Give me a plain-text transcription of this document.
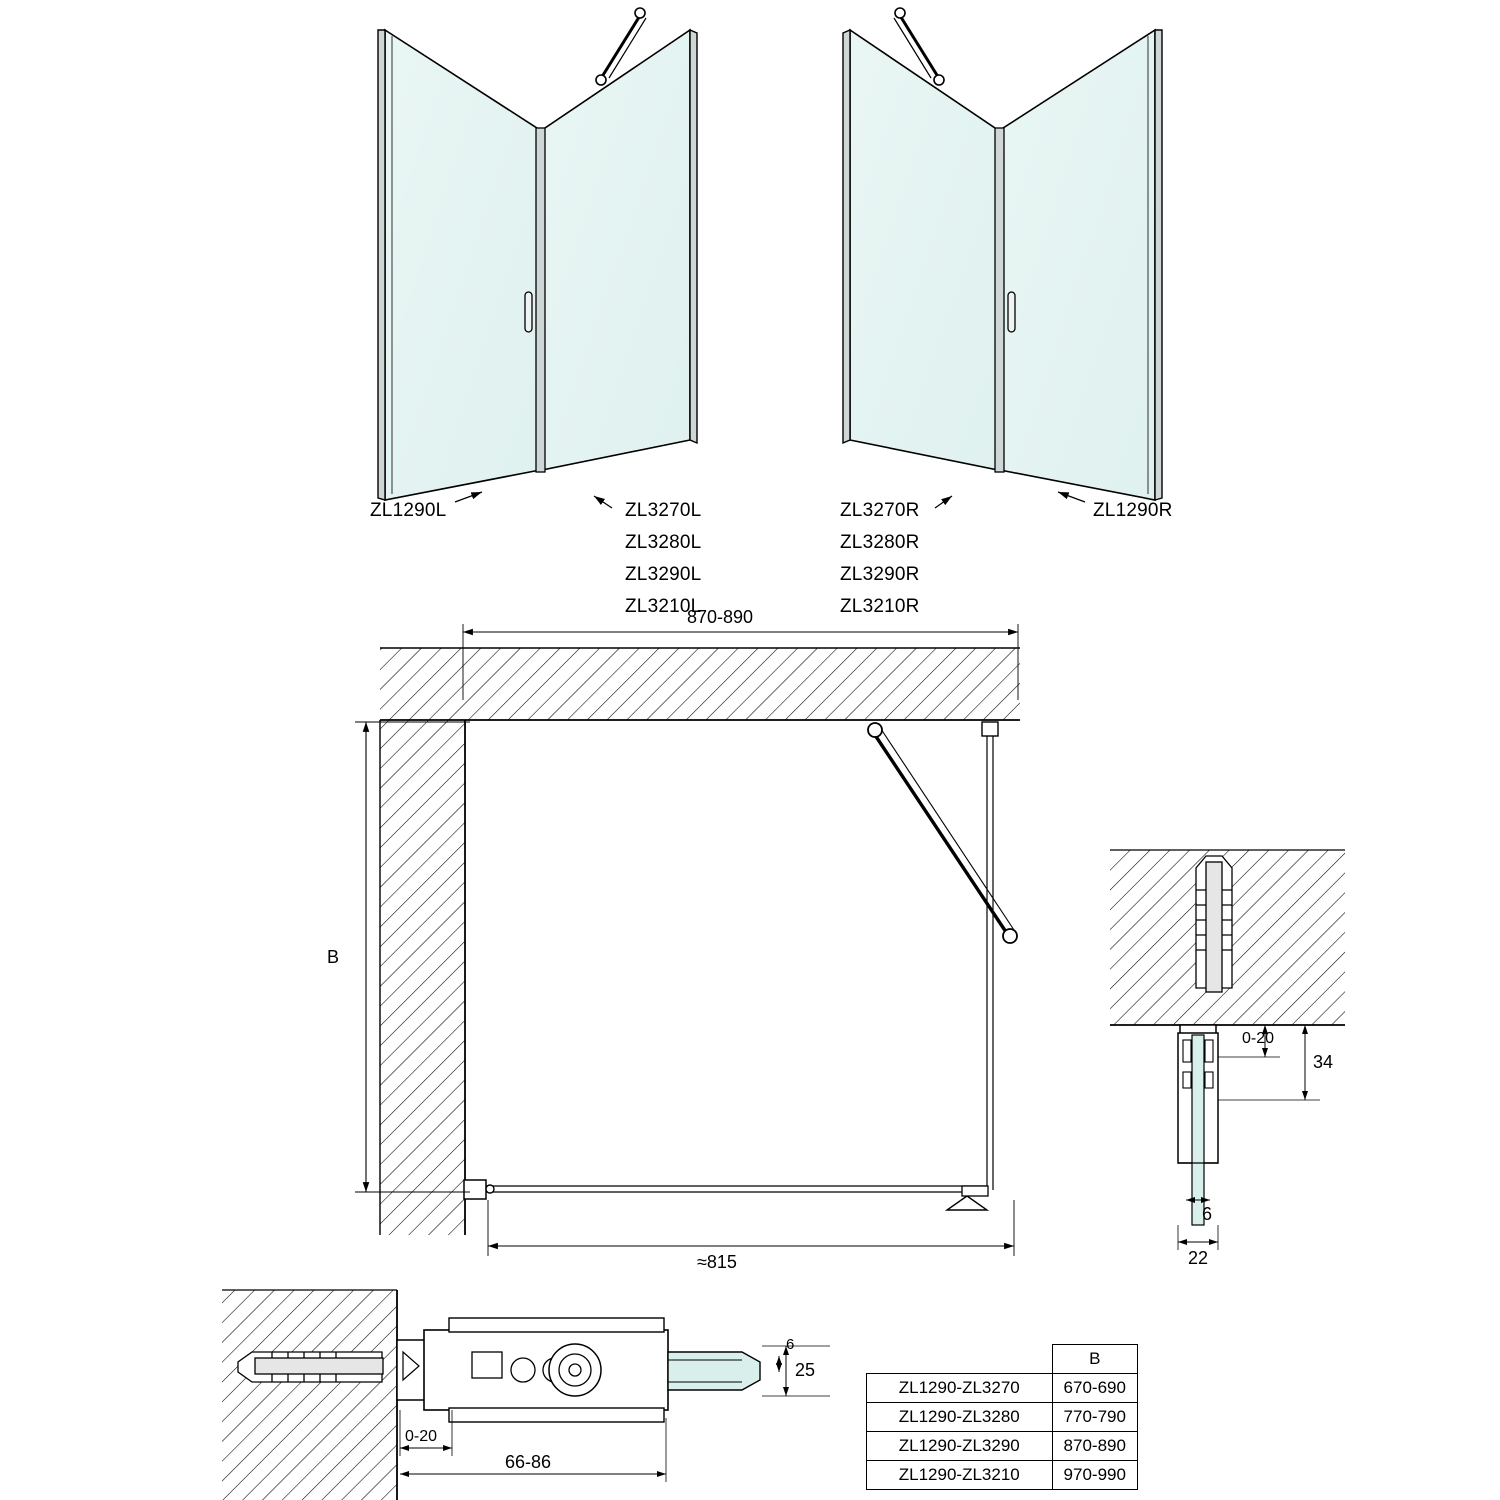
ZL1290L	ZL3270L
ZL3280L
ZL3290L
ZL3210L
ZL3270R
ZL3280R
ZL3290R
ZL3210R
ZL1290R
870-890
≈815
B
0-20
34
6
22
0-20
66-86
25
6
	B
ZL1290-ZL3270	670-690
ZL1290-ZL3280	770-790
ZL1290-ZL3290	870-890
ZL1290-ZL3210	970-990
